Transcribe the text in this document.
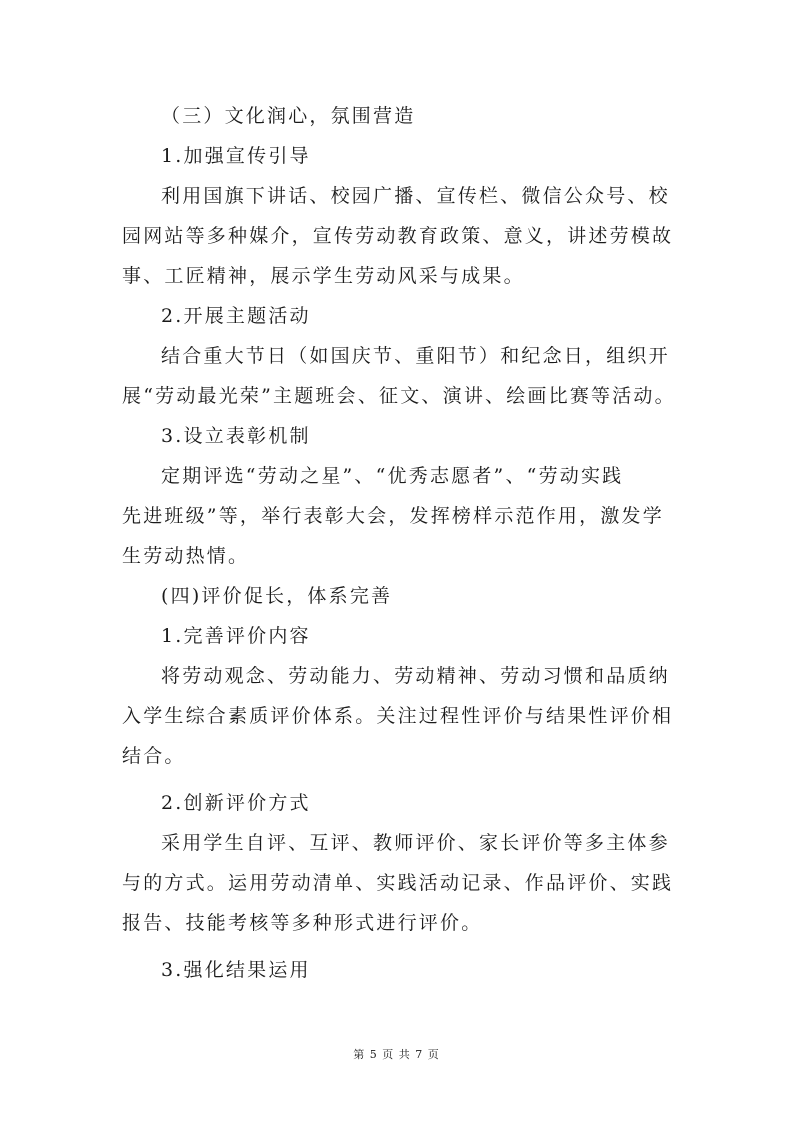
（三）文化润心，氛围营造
1.加强宣传引导
利用国旗下讲话、校园广播、宣传栏、微信公众号、校
园网站等多种媒介，宣传劳动教育政策、意义，讲述劳模故
事、工匠精神，展示学生劳动风采与成果。
2.开展主题活动
结合重大节日（如国庆节、重阳节）和纪念日，组织开
展“劳动最光荣”主题班会、征文、演讲、绘画比赛等活动。
3.设立表彰机制
定期评选“劳动之星”、“优秀志愿者”、“劳动实践
先进班级”等，举行表彰大会，发挥榜样示范作用，激发学
生劳动热情。
(四)评价促长，体系完善
1.完善评价内容
将劳动观念、劳动能力、劳动精神、劳动习惯和品质纳
入学生综合素质评价体系。关注过程性评价与结果性评价相
结合。
2.创新评价方式
采用学生自评、互评、教师评价、家长评价等多主体参
与的方式。运用劳动清单、实践活动记录、作品评价、实践
报告、技能考核等多种形式进行评价。
3.强化结果运用
第 5 页 共 7 页
